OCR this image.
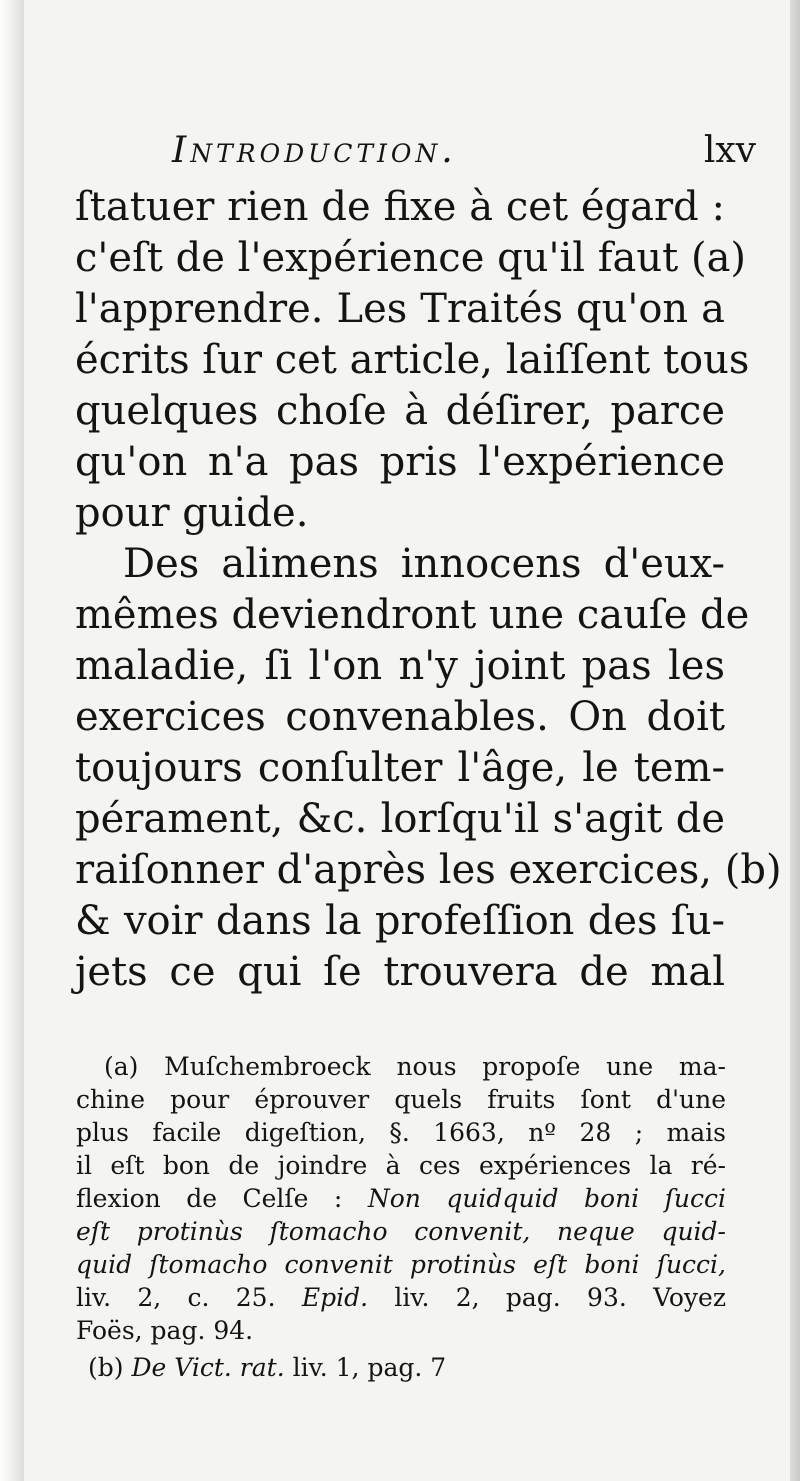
Introduction.	lxv
ſtatuer rien de fixe à cet égard :
c'eſt de l'expérience qu'il faut (a)
l'apprendre. Les Traités qu'on a
écrits ſur cet article, laiſſent tous
quelques choſe à déſirer, parce
qu'on n'a pas pris l'expérience
pour guide.
Des alimens innocens d'eux-
mêmes deviendront une cauſe de
maladie, ſi l'on n'y joint pas les
exercices convenables. On doit
toujours conſulter l'âge, le tem-
pérament, &c. lorſqu'il s'agit de
raiſonner d'après les exercices, (b)
& voir dans la profeſſion des ſu-
jets ce qui ſe trouvera de mal
(a) Muſchembroeck nous propoſe une ma-
chine pour éprouver quels fruits ſont d'une
plus facile digeſtion, §. 1663, nº 28 ; mais
il eſt bon de joindre à ces expériences la ré-
flexion de Celſe : Non quidquid boni ſucci
eſt protinùs ſtomacho convenit, neque quid-
quid ſtomacho convenit protinùs eſt boni ſucci,
liv. 2, c. 25. Epid. liv. 2, pag. 93. Voyez
Foës, pag. 94.
(b) De Vict. rat. liv. 1, pag. 7
